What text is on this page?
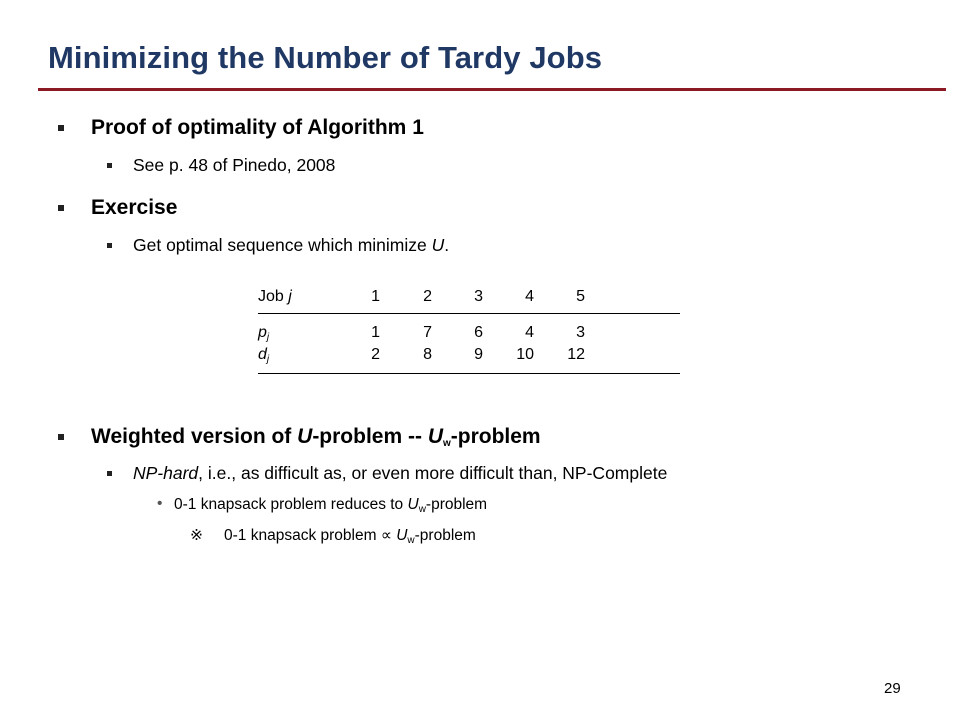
Minimizing the Number of Tardy Jobs
Proof of optimality of Algorithm 1
See p. 48 of Pinedo, 2008
Exercise
Get optimal sequence which minimize U.
Job j	1	2	3	4	5
$p_j$	1	7	6	4	3
$d_j$	2	8	9	10	12
Weighted version of U-problem -- $U_w$-problem
NP-hard, i.e., as difficult as, or even more difficult than, NP-Complete
• 0-1 knapsack problem reduces to $U_w$-problem
※ 0-1 knapsack problem ∝ $U_w$-problem
29
